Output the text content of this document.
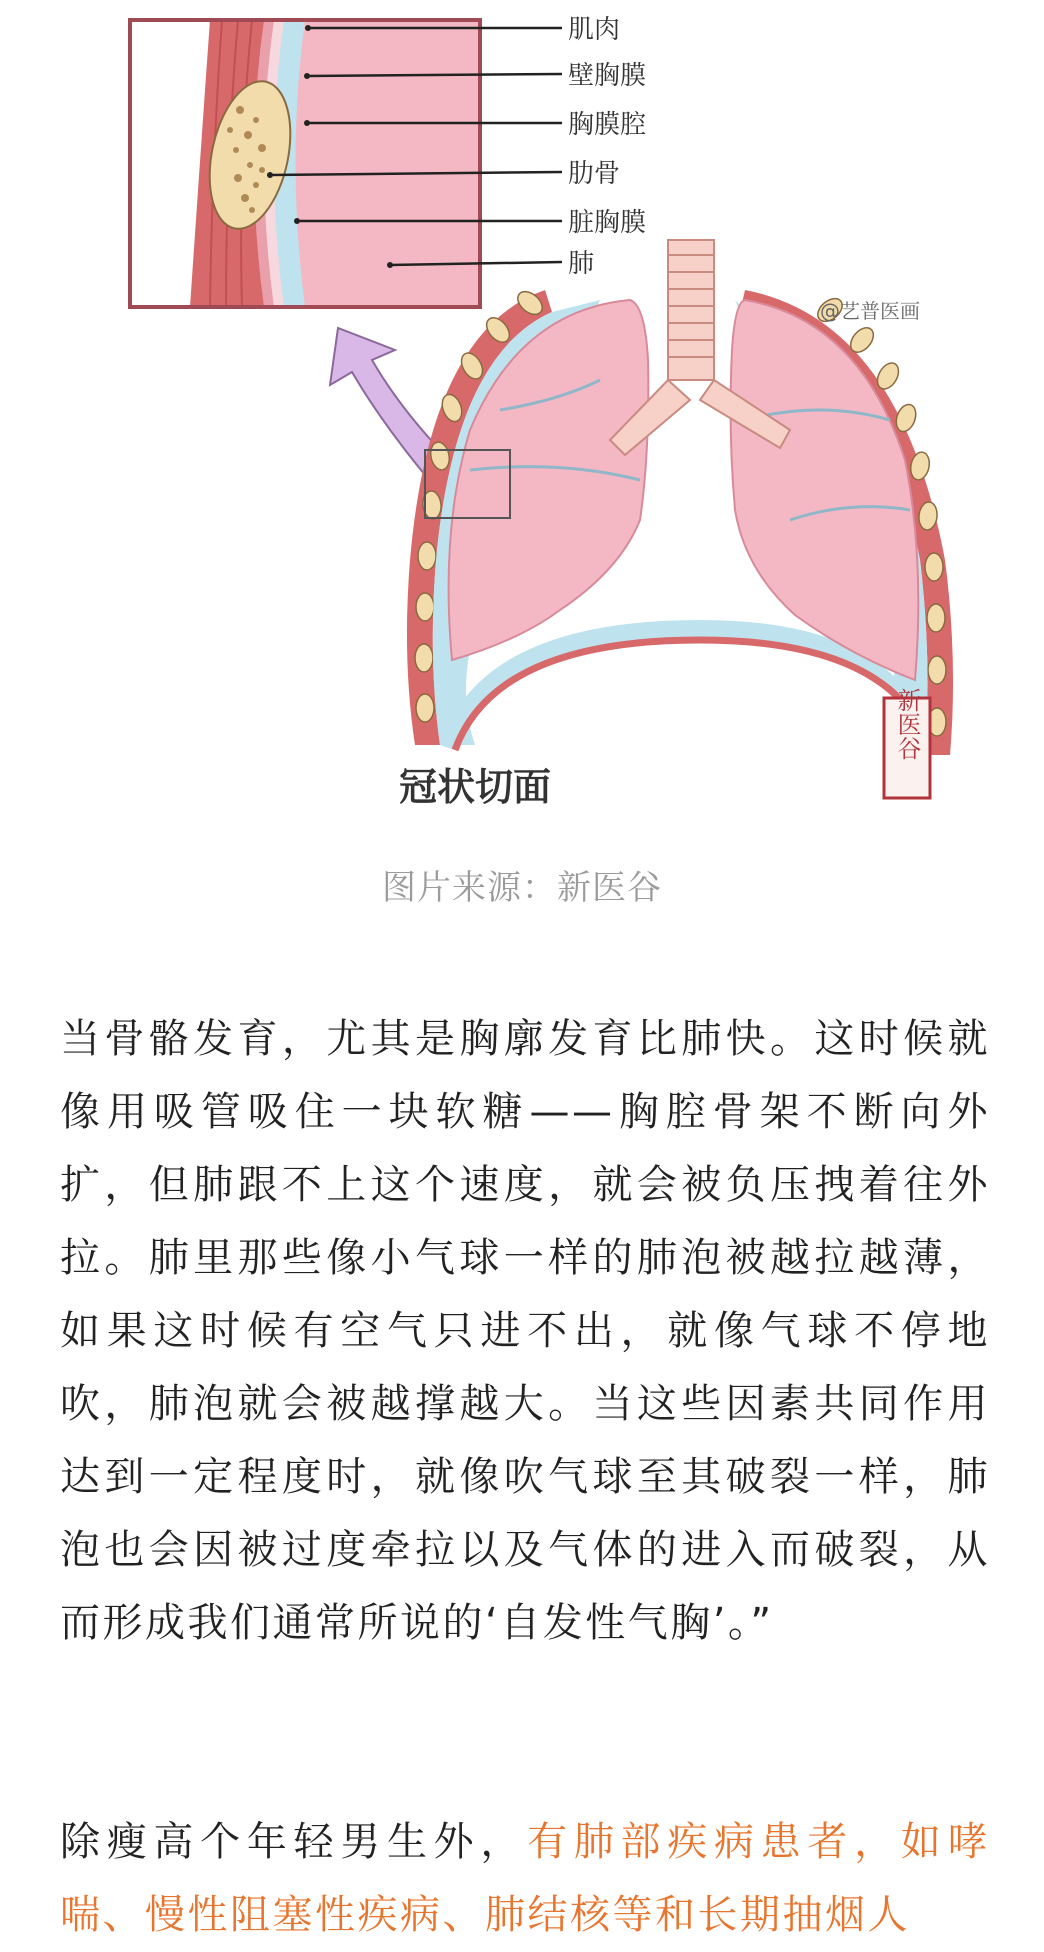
肌肉
壁胸膜
胸膜腔
肋骨
脏胸膜
肺
@艺普医画
新医谷
冠状切面
图片来源：新医谷

当骨骼发育，尤其是胸廓发育比肺快。这时候就像用吸管吸住一块软糖——胸腔骨架不断向外扩，但肺跟不上这个速度，就会被负压拽着往外拉。肺里那些像小气球一样的肺泡被越拉越薄，如果这时候有空气只进不出，就像气球不停地吹，肺泡就会被越撑越大。当这些因素共同作用达到一定程度时，就像吹气球至其破裂一样，肺泡也会因被过度牵拉以及气体的进入而破裂，从而形成我们通常所说的‘自发性气胸’。”

除瘦高个年轻男生外，有肺部疾病患者，如哮喘、慢性阻塞性疾病、肺结核等和长期抽烟人
